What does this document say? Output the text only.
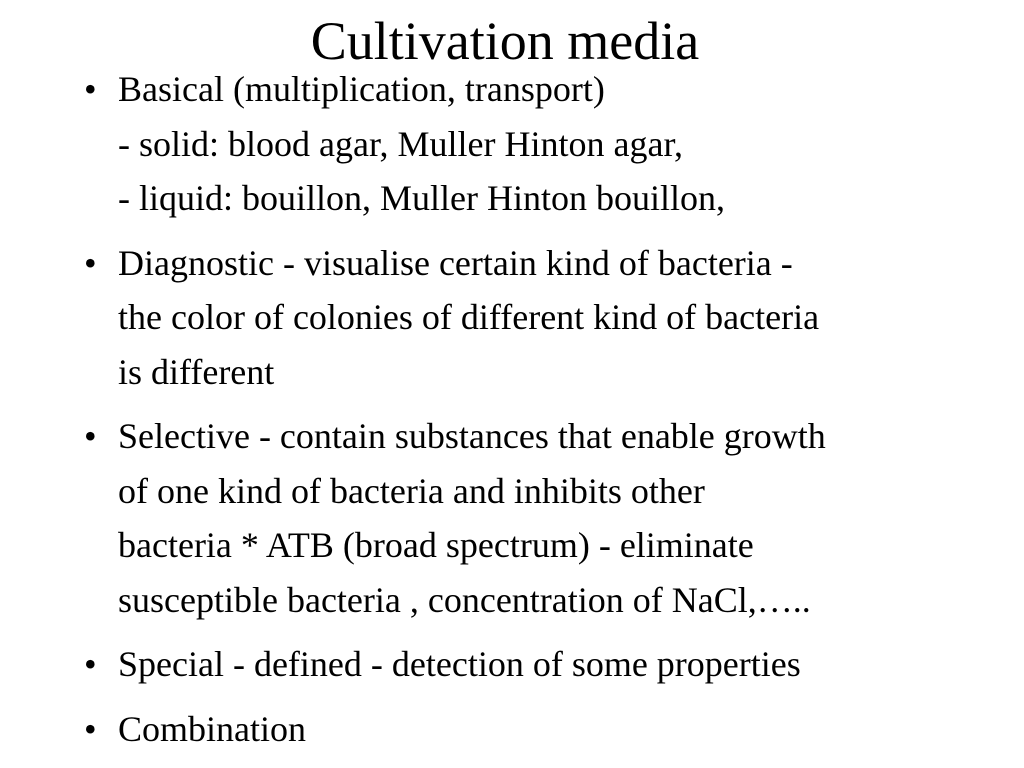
Cultivation media
• Basical (multiplication, transport)
- solid: blood agar, Muller Hinton agar,
- liquid: bouillon, Muller Hinton bouillon,
• Diagnostic - visualise certain kind of bacteria -
the color of colonies of different kind of bacteria
is different
• Selective - contain substances that enable growth
of one kind of bacteria and inhibits other
bacteria * ATB (broad spectrum) - eliminate
susceptible bacteria , concentration of NaCl,…..
• Special - defined - detection of some properties
• Combination
